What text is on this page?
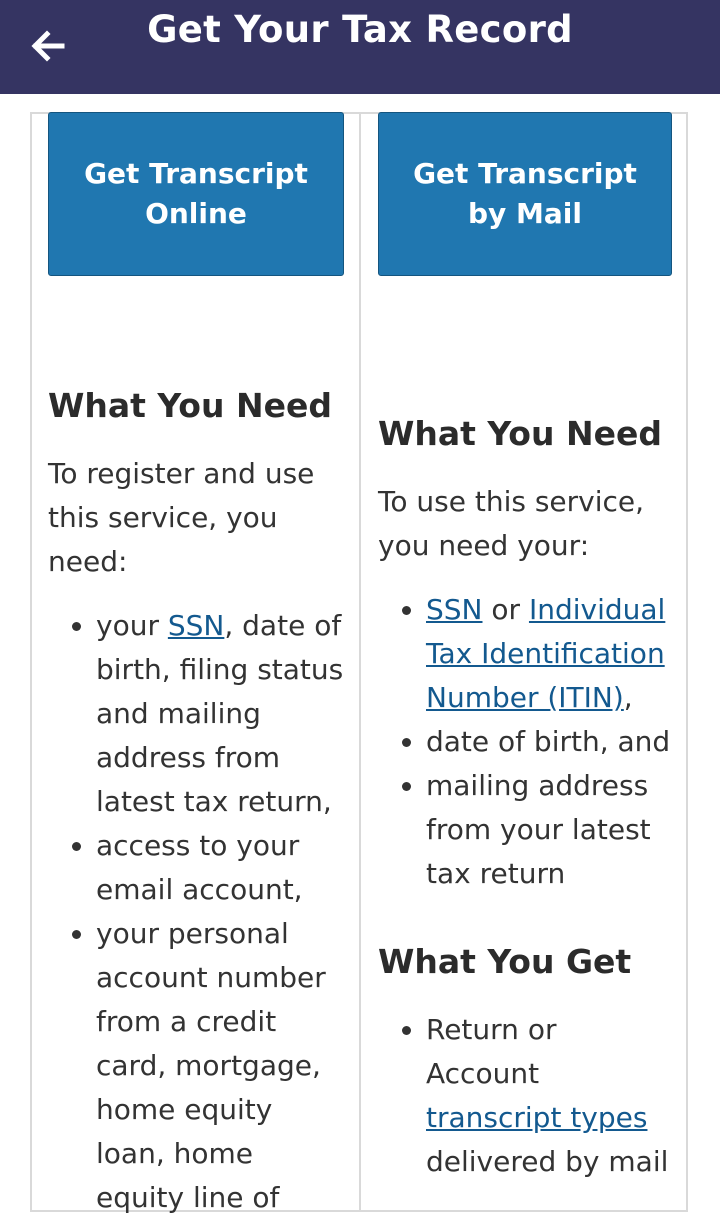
Get Your Tax Record
Get Transcript Online
What You Need

To register and use this service, you need:

• your SSN, date of birth, filing status and mailing address from latest tax return,
• access to your email account,
• your personal account number from a credit card, mortgage, home equity loan, home equity line of
Get Transcript by Mail
What You Need

To use this service, you need your:

• SSN or Individual Tax Identification Number (ITIN),
• date of birth, and
• mailing address from your latest tax return
What You Get
• Return or Account transcript types delivered by mail
